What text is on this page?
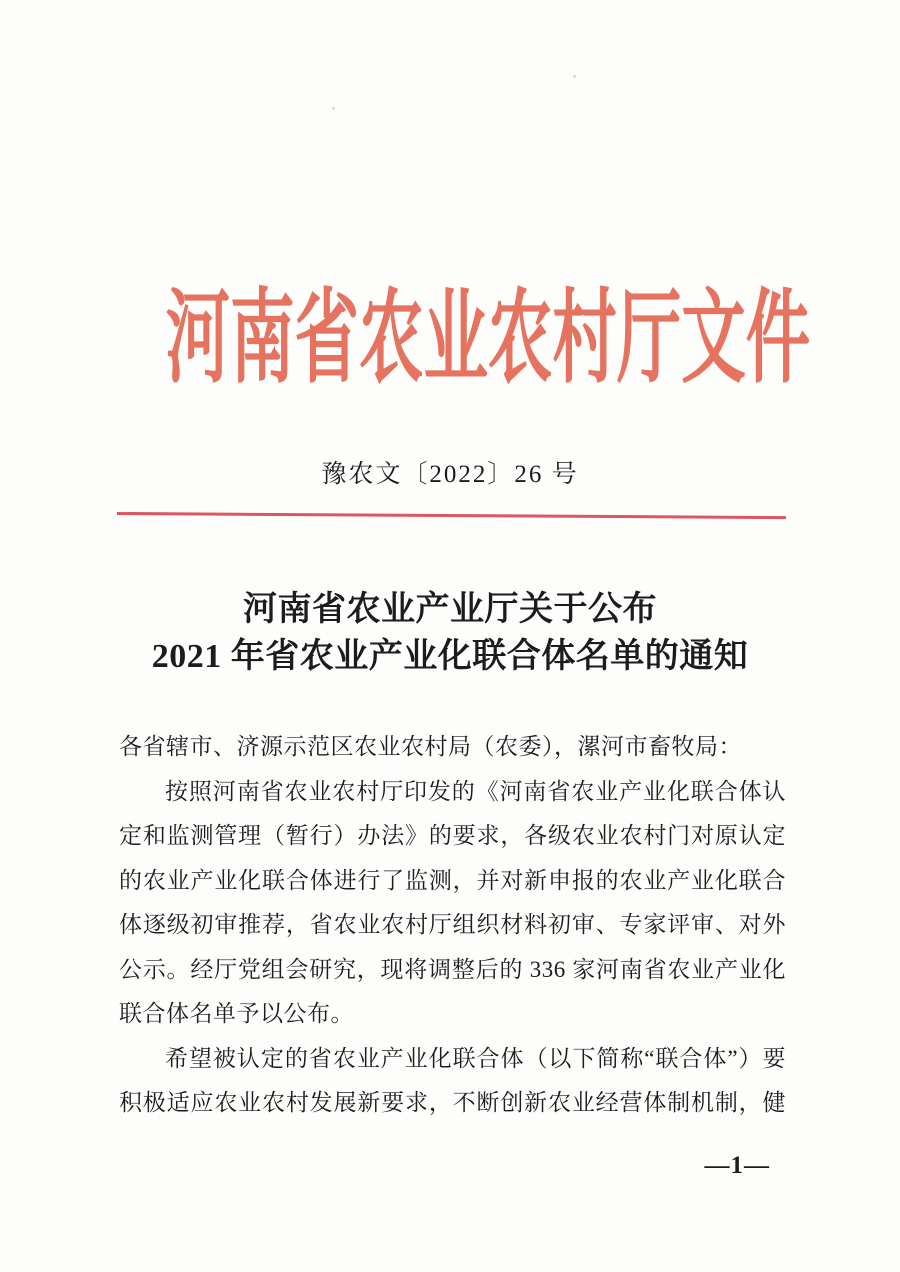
河南省农业农村厅文件
豫农文〔2022〕26 号
河南省农业产业厅关于公布
2021 年省农业产业化联合体名单的通知
各省辖市、济源示范区农业农村局（农委），漯河市畜牧局：
按照河南省农业农村厅印发的《河南省农业产业化联合体认
定和监测管理（暂行）办法》的要求，各级农业农村门对原认定
的农业产业化联合体进行了监测，并对新申报的农业产业化联合
体逐级初审推荐，省农业农村厅组织材料初审、专家评审、对外
公示。经厅党组会研究，现将调整后的 336 家河南省农业产业化
联合体名单予以公布。
希望被认定的省农业产业化联合体（以下简称“联合体”）要
积极适应农业农村发展新要求，不断创新农业经营体制机制，健
—1—
